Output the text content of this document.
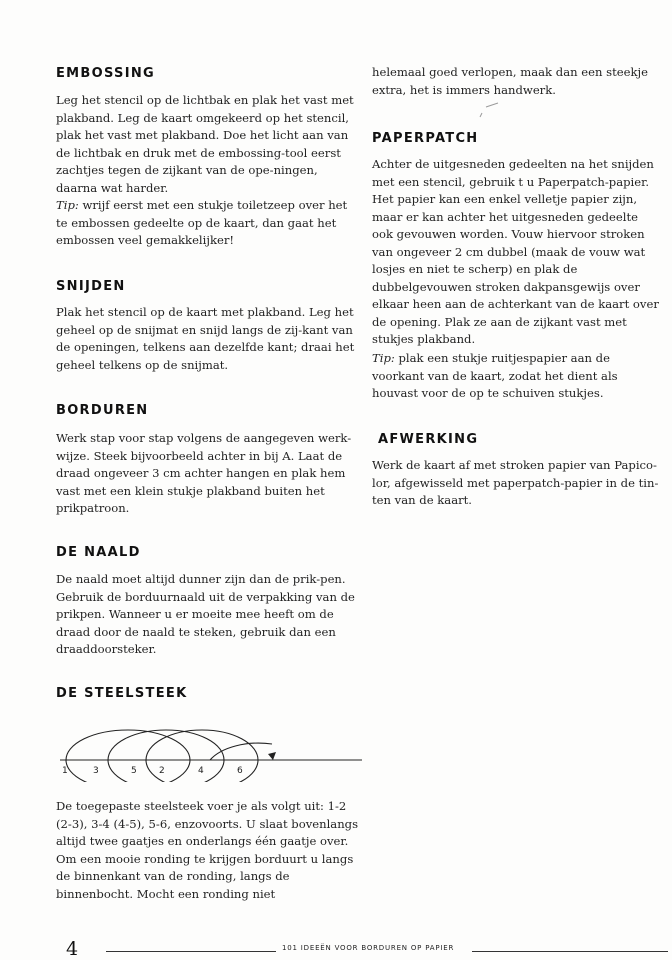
EMBOSSING

Leg het stencil op de lichtbak en plak het vast met plakband. Leg de kaart omgekeerd op het stencil, plak het vast met plakband. Doe het licht aan van de lichtbak en druk met de embossing-tool eerst zachtjes tegen de zijkant van de ope-ningen, daarna wat harder.
Tip: wrijf eerst met een stukje toiletzeep over het te embossen gedeelte op de kaart, dan gaat het embossen veel gemakkelijker!

SNIJDEN

Plak het stencil op de kaart met plakband. Leg het geheel op de snijmat en snijd langs de zij-kant van de openingen, telkens aan dezelfde kant; draai het geheel telkens op de snijmat.

BORDUREN

Werk stap voor stap volgens de aangegeven werk-wijze. Steek bijvoorbeeld achter in bij A. Laat de draad ongeveer 3 cm achter hangen en plak hem vast met een klein stukje plakband buiten het prikpatroon.

DE NAALD

De naald moet altijd dunner zijn dan de prik-pen. Gebruik de borduurnaald uit de verpakking van de prikpen. Wanneer u er moeite mee heeft om de draad door de naald te steken, gebruik dan een draaddoorsteker.

DE STEELSTEEK

De toegepaste steelsteek voer je als volgt uit: 1-2 (2-3), 3-4 (4-5), 5-6, enzovoorts. U slaat bovenlangs altijd twee gaatjes en onderlangs één gaatje over. Om een mooie ronding te krijgen borduurt u langs de binnenkant van de ronding, langs de binnenbocht. Mocht een ronding niet

1	3	5 2	4	6

helemaal goed verlopen, maak dan een steekje extra, het is immers handwerk.

PAPERPATCH

Achter de uitgesneden gedeelten na het snijden met een stencil, gebruik t u Paperpatch-papier. Het papier kan een enkel velletje papier zijn, maar er kan achter het uitgesneden gedeelte ook gevouwen worden. Vouw hiervoor stroken van ongeveer 2 cm dubbel (maak de vouw wat losjes en niet te scherp) en plak de dubbelgevouwen stroken dakpansgewijs over elkaar heen aan de achterkant van de kaart over de opening. Plak ze aan de zijkant vast met stukjes plakband.

Tip: plak een stukje ruitjespapier aan de voorkant van de kaart, zodat het dient als houvast voor de op te schuiven stukjes.

AFWERKING

Werk de kaart af met stroken papier van Papico-lor, afgewisseld met paperpatch-papier in de tin-ten van de kaart.

4	101 IDEEËN VOOR BORDUREN OP PAPIER
